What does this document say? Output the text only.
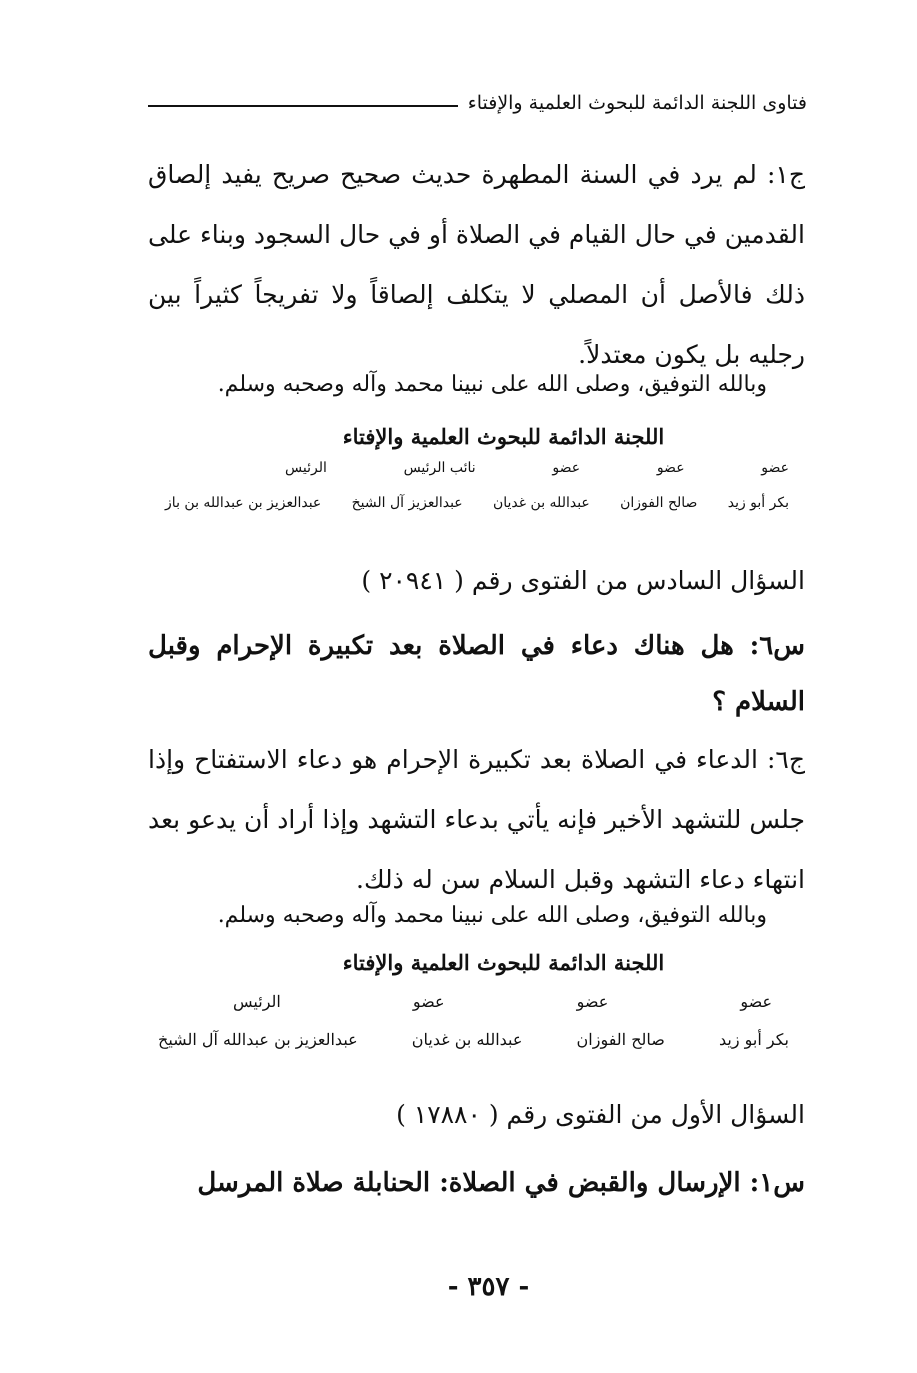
فتاوى اللجنة الدائمة للبحوث العلمية والإفتاء
ج١: لم يرد في السنة المطهرة حديث صحيح صريح يفيد إلصاق القدمين في حال القيام في الصلاة أو في حال السجود وبناء على ذلك فالأصل أن المصلي لا يتكلف إلصاقاً ولا تفريجاً كثيراً بين رجليه بل يكون معتدلاً.
وبالله التوفيق، وصلى الله على نبينا محمد وآله وصحبه وسلم.
اللجنة الدائمة للبحوث العلمية والإفتاء
عضو
عضو
عضو
نائب الرئيس
الرئيس
بكر أبو زيد
صالح الفوزان
عبدالله بن غديان
عبدالعزيز آل الشيخ
عبدالعزيز بن عبدالله بن باز
السؤال السادس من الفتوى رقم ( ٢٠٩٤١ )
س٦: هل هناك دعاء في الصلاة بعد تكبيرة الإحرام وقبل السلام ؟
ج٦: الدعاء في الصلاة بعد تكبيرة الإحرام هو دعاء الاستفتاح وإذا جلس للتشهد الأخير فإنه يأتي بدعاء التشهد وإذا أراد أن يدعو بعد انتهاء دعاء التشهد وقبل السلام سن له ذلك.
وبالله التوفيق، وصلى الله على نبينا محمد وآله وصحبه وسلم.
اللجنة الدائمة للبحوث العلمية والإفتاء
عضو
عضو
عضو
الرئيس
بكر أبو زيد
صالح الفوزان
عبدالله بن غديان
عبدالعزيز بن عبدالله آل الشيخ
السؤال الأول من الفتوى رقم ( ١٧٨٨٠ )
س١: الإرسال والقبض في الصلاة: الحنابلة صلاة المرسل
- ٣٥٧ -
